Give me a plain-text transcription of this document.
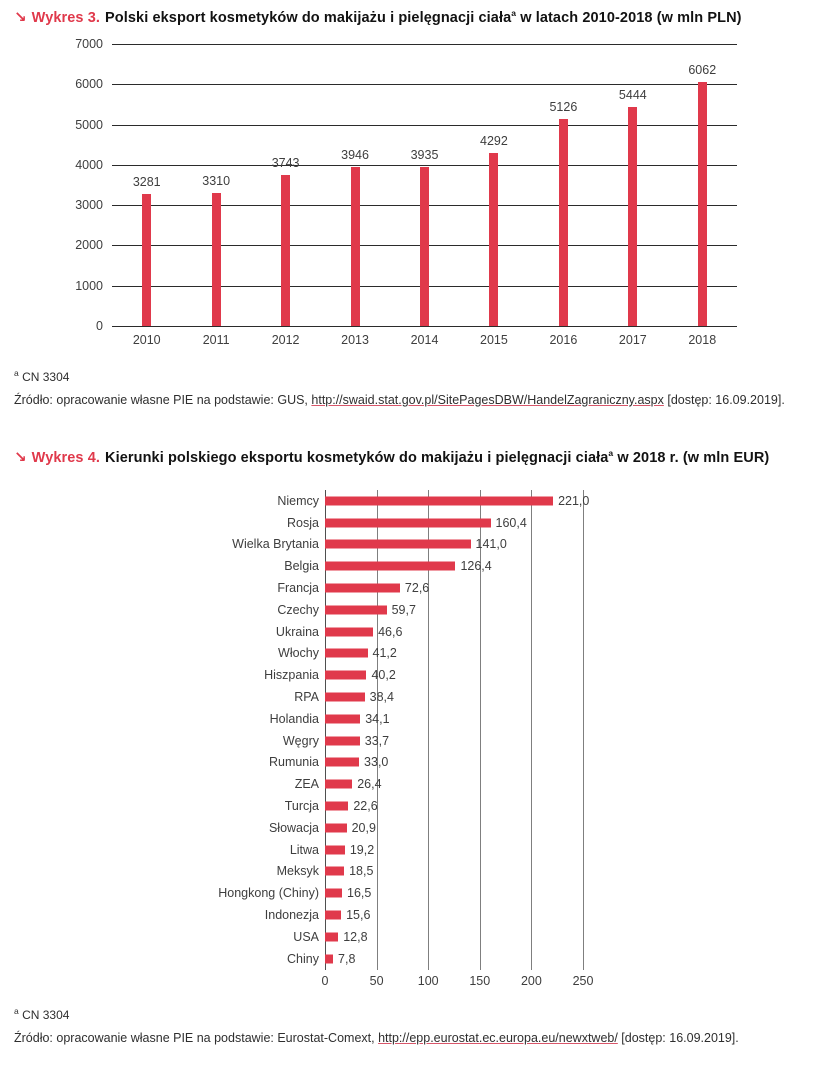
↘ Wykres 3. Polski eksport kosmetyków do makijażu i pielęgnacji ciała$^a$ w latach 2010-2018 (w mln PLN)
0
1000
2000
3000
4000
5000
6000
7000
3281
2010
3310
2011
3743
2012
3946
2013
3935
2014
4292
2015
5126
2016
5444
2017
6062
2018

$^a$ CN 3304

Źródło: opracowanie własne PIE na podstawie: GUS, http://swaid.stat.gov.pl/SitePagesDBW/HandelZagraniczny.aspx [dostęp: 16.09.2019].

↘ Wykres 4. Kierunki polskiego eksportu kosmetyków do makijażu i pielęgnacji ciała$^a$ w 2018 r. (w mln EUR)
Niemcy	221,0
Rosja	160,4
Wielka Brytania	141,0
Belgia	126,4
Francja	72,6
Czechy	59,7
Ukraina	46,6
Włochy	41,2
Hiszpania	40,2
RPA	38,4
Holandia	34,1
Węgry	33,7
Rumunia	33,0
ZEA	26,4
Turcja	22,6
Słowacja	20,9
Litwa 19,2
Meksyk 18,5
Hongkong (Chiny) 16,5
Indonezja 15,6
USA 12,8
Chiny 7,8
0	50	100	150	200	250

$^a$ CN 3304

Źródło: opracowanie własne PIE na podstawie: Eurostat-Comext, http://epp.eurostat.ec.europa.eu/newxtweb/ [dostęp: 16.09.2019].
